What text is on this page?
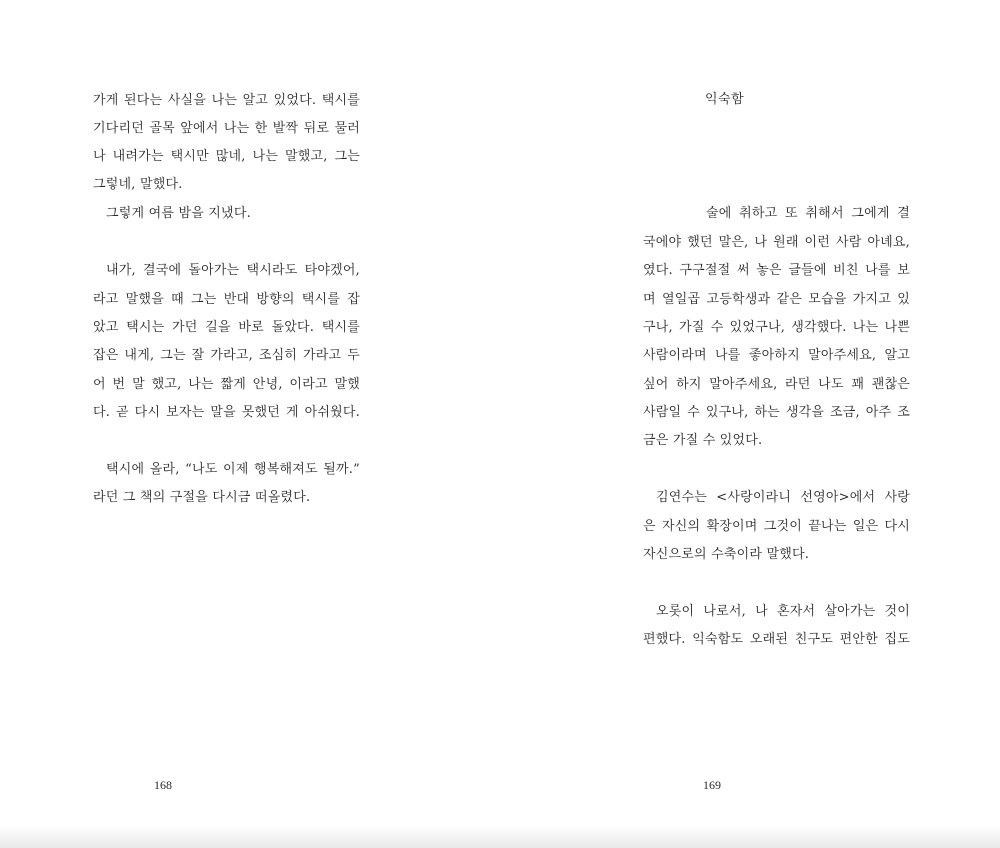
가게 된다는 사실을 나는 알고 있었다. 택시를
기다리던 골목 앞에서 나는 한 발짝 뒤로 물러
나 내려가는 택시만 많네, 나는 말했고, 그는
그렇네, 말했다.
그렇게 여름 밤을 지냈다.
내가, 결국에 돌아가는 택시라도 타야겠어,
라고 말했을 때 그는 반대 방향의 택시를 잡
았고 택시는 가던 길을 바로 돌았다. 택시를
잡은 내게, 그는 잘 가라고, 조심히 가라고 두
어 번 말 했고, 나는 짧게 안녕, 이라고 말했
다. 곧 다시 보자는 말을 못했던 게 아쉬웠다.
택시에 올라, “나도 이제 행복해져도 될까.”
라던 그 책의 구절을 다시금 떠올렸다.
168
익숙함
술에 취하고 또 취해서 그에게 결
국에야 했던 말은, 나 원래 이런 사람 아녜요,
였다. 구구절절 써 놓은 글들에 비친 나를 보
며 열일곱 고등학생과 같은 모습을 가지고 있
구나, 가질 수 있었구나, 생각했다. 나는 나쁜
사람이라며 나를 좋아하지 말아주세요, 알고
싶어 하지 말아주세요, 라던 나도 꽤 괜찮은
사람일 수 있구나, 하는 생각을 조금, 아주 조
금은 가질 수 있었다.
김연수는 <사랑이라니 선영아>에서 사랑
은 자신의 확장이며 그것이 끝나는 일은 다시
자신으로의 수축이라 말했다.
오롯이 나로서, 나 혼자서 살아가는 것이
편했다. 익숙함도 오래된 친구도 편안한 집도
169
